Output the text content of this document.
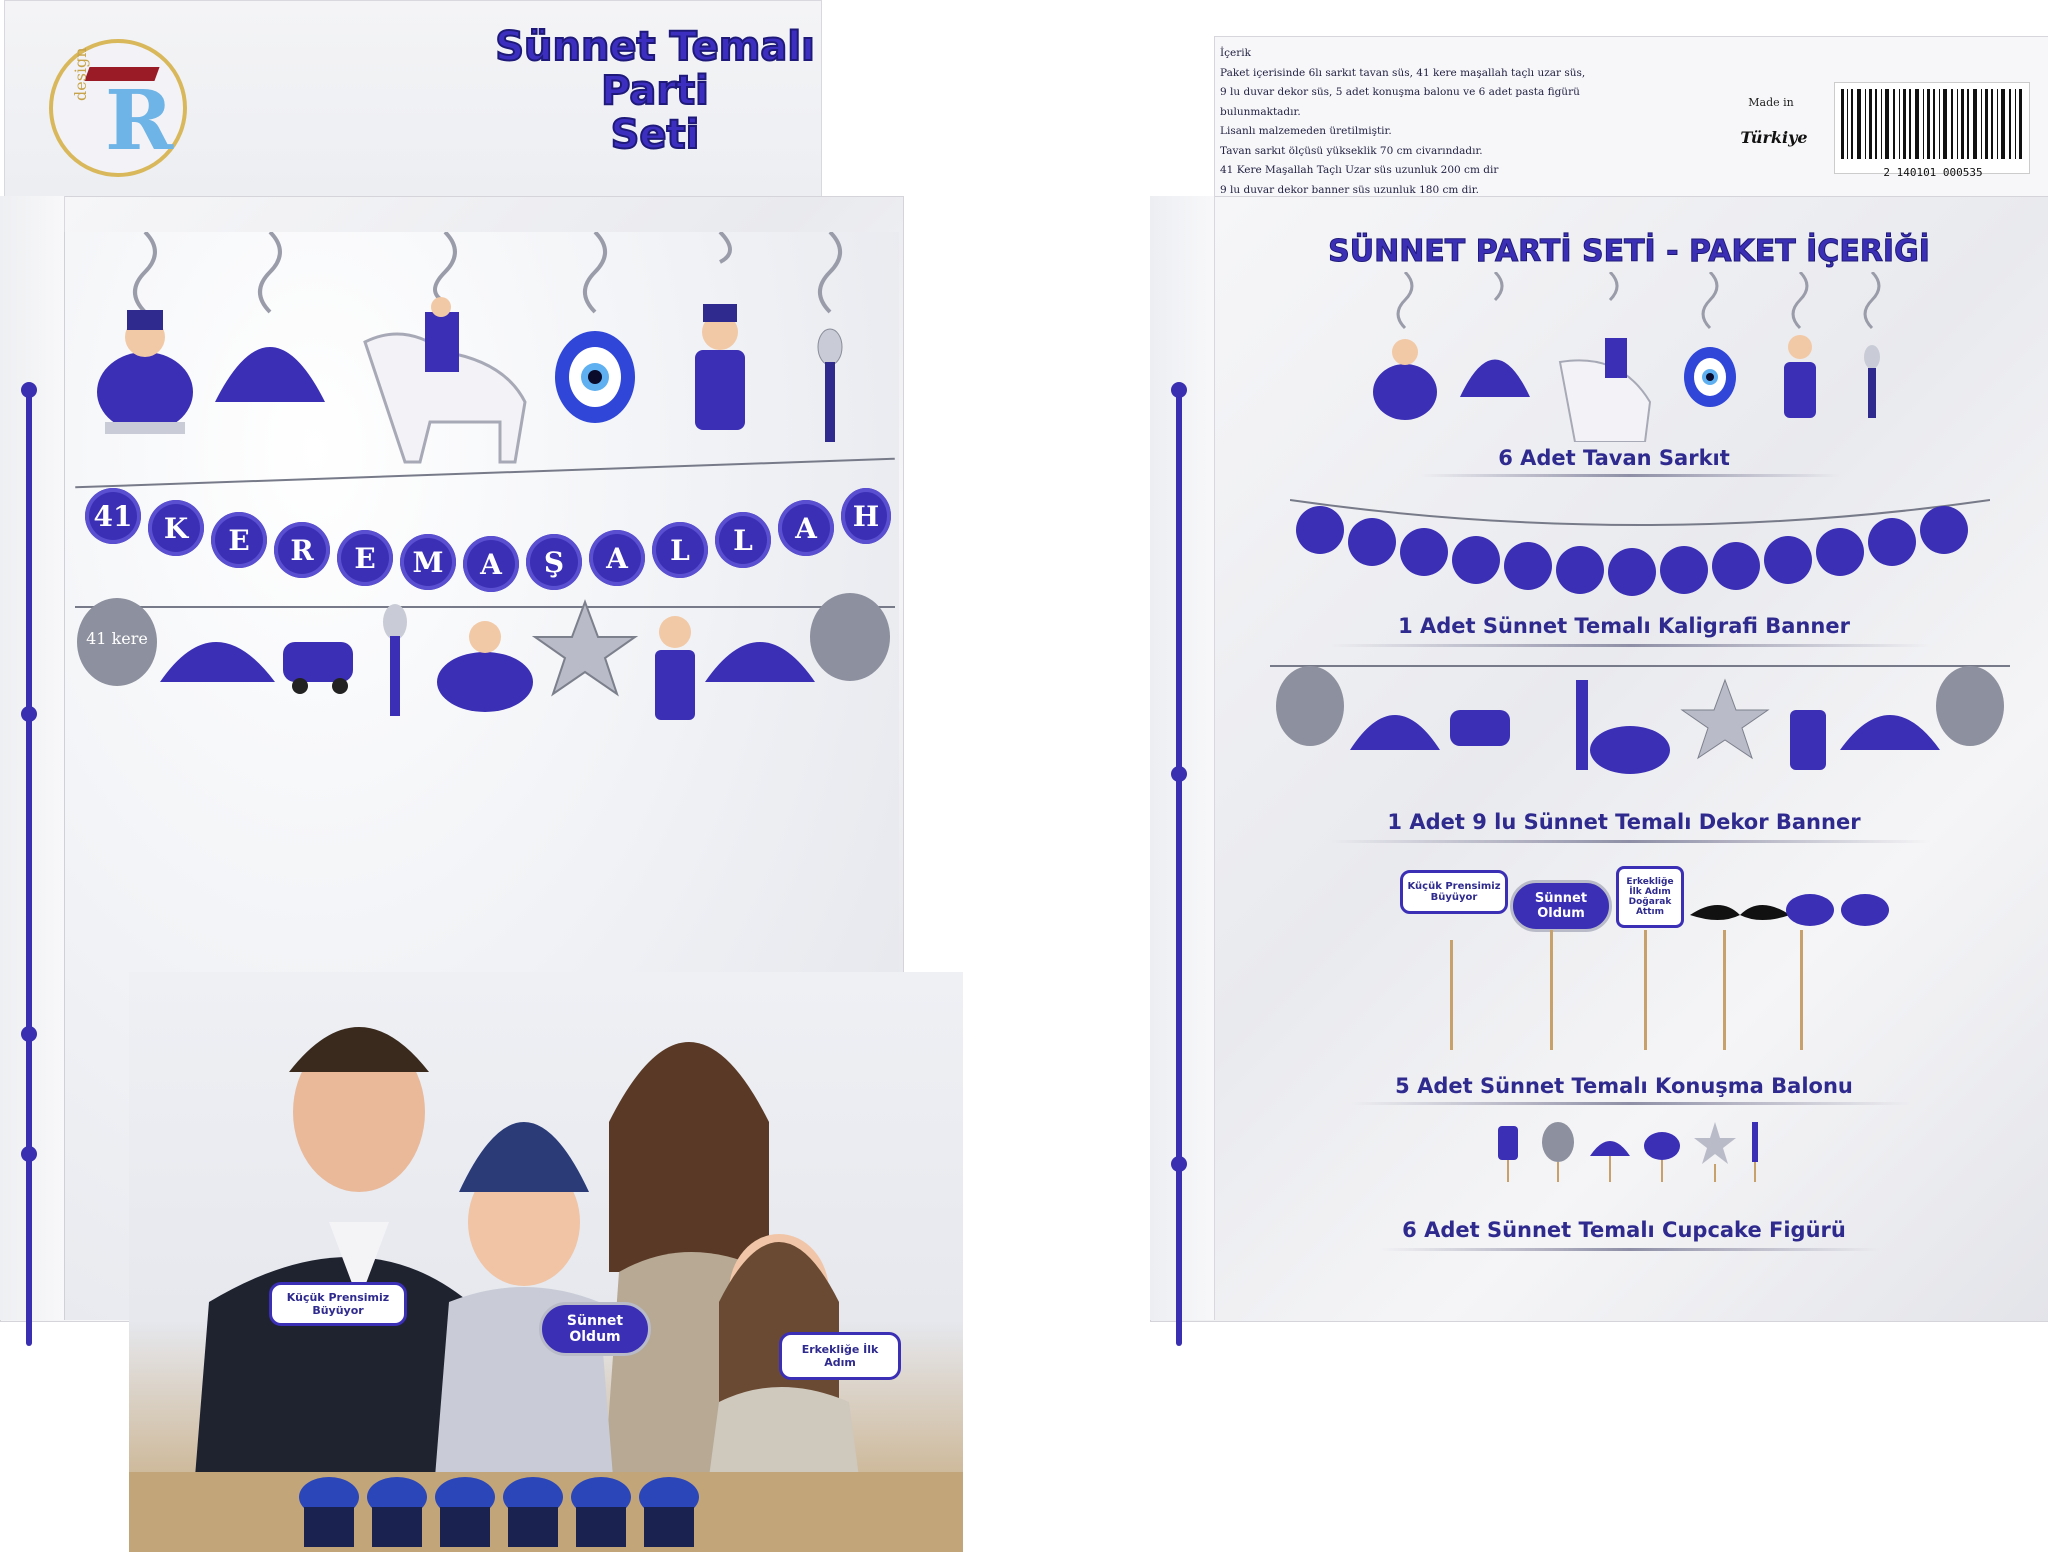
R
design
Sünnet Temalı
Parti
Seti
41	K	E	R	E	M	A	Ş	A	L	L	A	H
41 kere
Küçük Prensimiz Büyüyor
Sünnet Oldum
Erkekliğe İlk Adım
İçerik
Paket içerisinde 6lı sarkıt tavan süs, 41 kere maşallah taçlı uzar süs,
9 lu duvar dekor süs, 5 adet konuşma balonu ve 6 adet pasta figürü
bulunmaktadır.
Lisanlı malzemeden üretilmiştir.
Tavan sarkıt ölçüsü yükseklik 70 cm civarındadır.
41 Kere Maşallah Taçlı Uzar süs uzunluk 200 cm dir
9 lu duvar dekor banner süs uzunluk 180 cm dir.
Made in
Türkiye
2 140101 000535
SÜNNET PARTİ SETİ - PAKET İÇERİĞİ
6 Adet Tavan Sarkıt
1 Adet Sünnet Temalı Kaligrafi Banner
1 Adet 9 lu Sünnet Temalı Dekor Banner
Küçük Prensimiz Büyüyor	Sünnet Oldum
Erkekliğe İlk Adım Doğarak Attım
5 Adet Sünnet Temalı Konuşma Balonu
6 Adet Sünnet Temalı Cupcake Figürü
